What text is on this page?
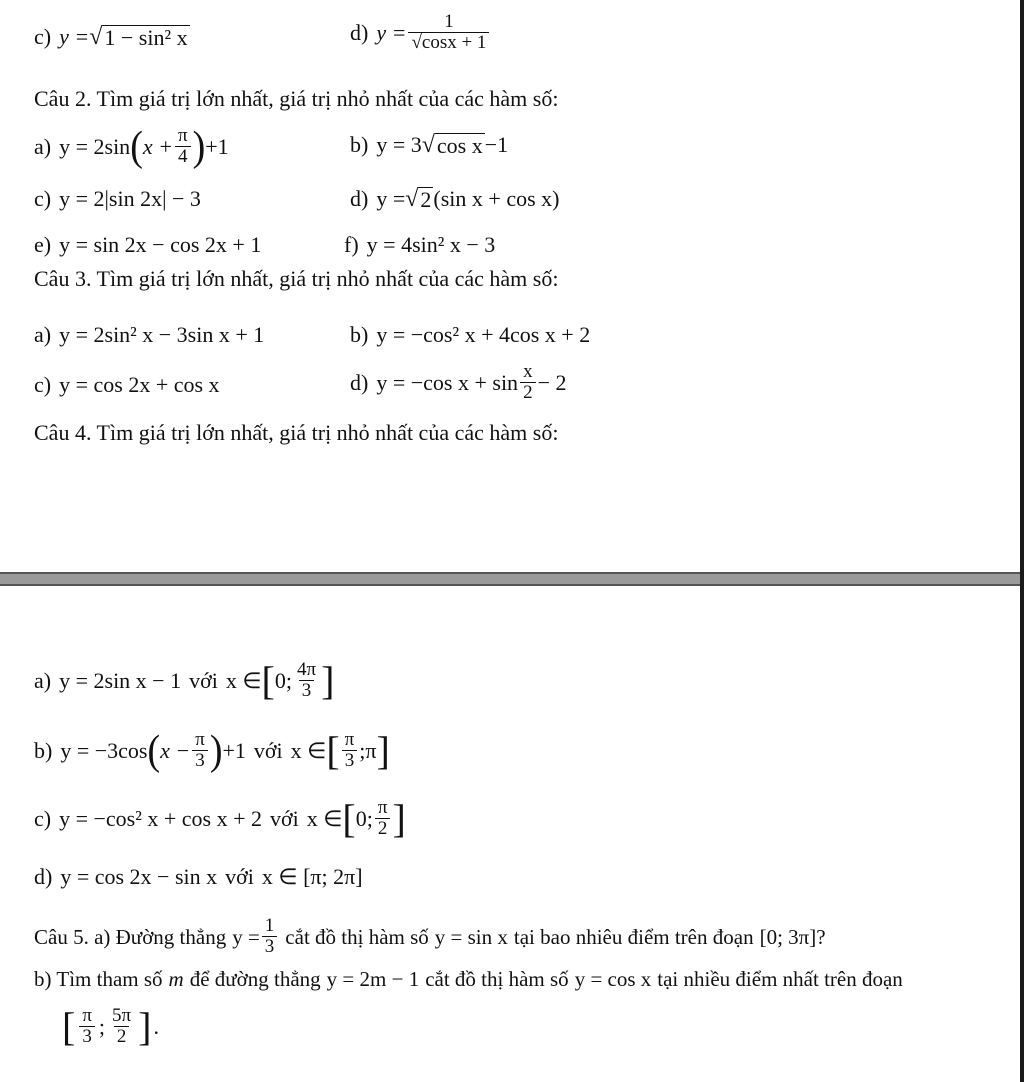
c) y = √ 1 − sin² x	d) $y = \frac{1}{√\cos x + 1}$
Câu 2. Tìm giá trị lớn nhất, giá trị nhỏ nhất của các hàm số:
a) y = 2sin ( $x + \frac{\pi}{4}$ ) +1	b) y = 3 √ cos x −1
c) y = 2|sin 2x| − 3	d) y = √ 2 (sin x + cos x)
e) y = sin 2x − cos 2x + 1	f) y = 4sin² x − 3
Câu 3. Tìm giá trị lớn nhất, giá trị nhỏ nhất của các hàm số:
a) y = 2sin² x − 3sin x + 1	b) y = −cos² x + 4cos x + 2
c) y = cos 2x + cos x	d) y = −cos $x + \sin \frac{x}{2} - 2$
Câu 4. Tìm giá trị lớn nhất, giá trị nhỏ nhất của các hàm số:
a) y = 2sin x − 1 với x ∈ [ 0; $\frac{4\pi}{3}$ ]
b) y = −3cos ( $x - \frac{\pi}{3}$ ) +1 với x ∈ [ $\frac{\pi}{3}$ ;π ]
c) y = −cos² x + cos x + 2 với x ∈ [ 0; $\frac{\pi}{2}$ ]
d) y = cos 2x − sin x với x ∈ [π; 2π]
Câu 5. a) Đường thẳng $y = \frac{1}{3}$ cắt đồ thị hàm số y = sin x tại bao nhiêu điểm trên đoạn [0; 3π]?
b) Tìm tham số m để đường thẳng y = 2m − 1 cắt đồ thị hàm số y = cos x tại nhiều điểm nhất trên đoạn
[ $\frac{\pi}{3}$ ; $\frac{5\pi}{2}$ ] .
